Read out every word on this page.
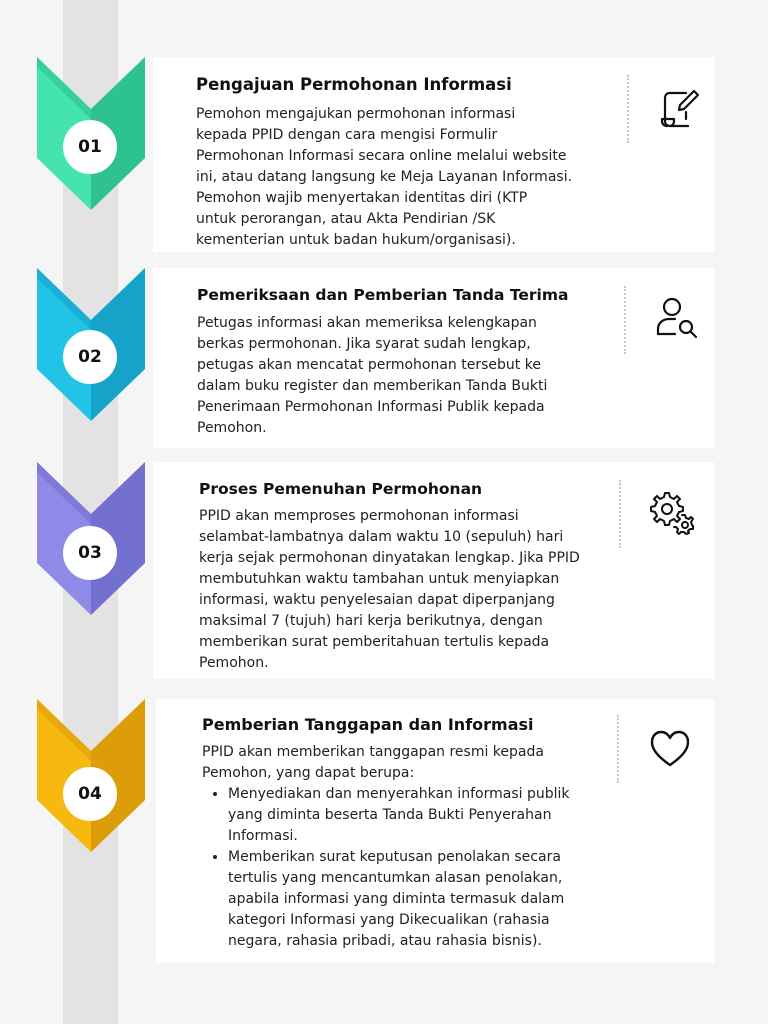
Pengajuan Permohonan Informasi
Pemohon mengajukan permohonan informasi
kepada PPID dengan cara mengisi Formulir
Permohonan Informasi secara online melalui website
ini, atau datang langsung ke Meja Layanan Informasi.
Pemohon wajib menyertakan identitas diri (KTP
untuk perorangan, atau Akta Pendirian /SK
kementerian untuk badan hukum/organisasi).
01
Pemeriksaan dan Pemberian Tanda Terima
Petugas informasi akan memeriksa kelengkapan
berkas permohonan. Jika syarat sudah lengkap,
petugas akan mencatat permohonan tersebut ke
dalam buku register dan memberikan Tanda Bukti
Penerimaan Permohonan Informasi Publik kepada
Pemohon.
02
Proses Pemenuhan Permohonan
PPID akan memproses permohonan informasi
selambat-lambatnya dalam waktu 10 (sepuluh) hari
kerja sejak permohonan dinyatakan lengkap. Jika PPID
membutuhkan waktu tambahan untuk menyiapkan
informasi, waktu penyelesaian dapat diperpanjang
maksimal 7 (tujuh) hari kerja berikutnya, dengan
memberikan surat pemberitahuan tertulis kepada
Pemohon.
03
Pemberian Tanggapan dan Informasi
PPID akan memberikan tanggapan resmi kepada
Pemohon, yang dapat berupa:
• Menyediakan dan menyerahkan informasi publik
yang diminta beserta Tanda Bukti Penyerahan
Informasi.
• Memberikan surat keputusan penolakan secara
tertulis yang mencantumkan alasan penolakan,
apabila informasi yang diminta termasuk dalam
kategori Informasi yang Dikecualikan (rahasia
negara, rahasia pribadi, atau rahasia bisnis).
04
